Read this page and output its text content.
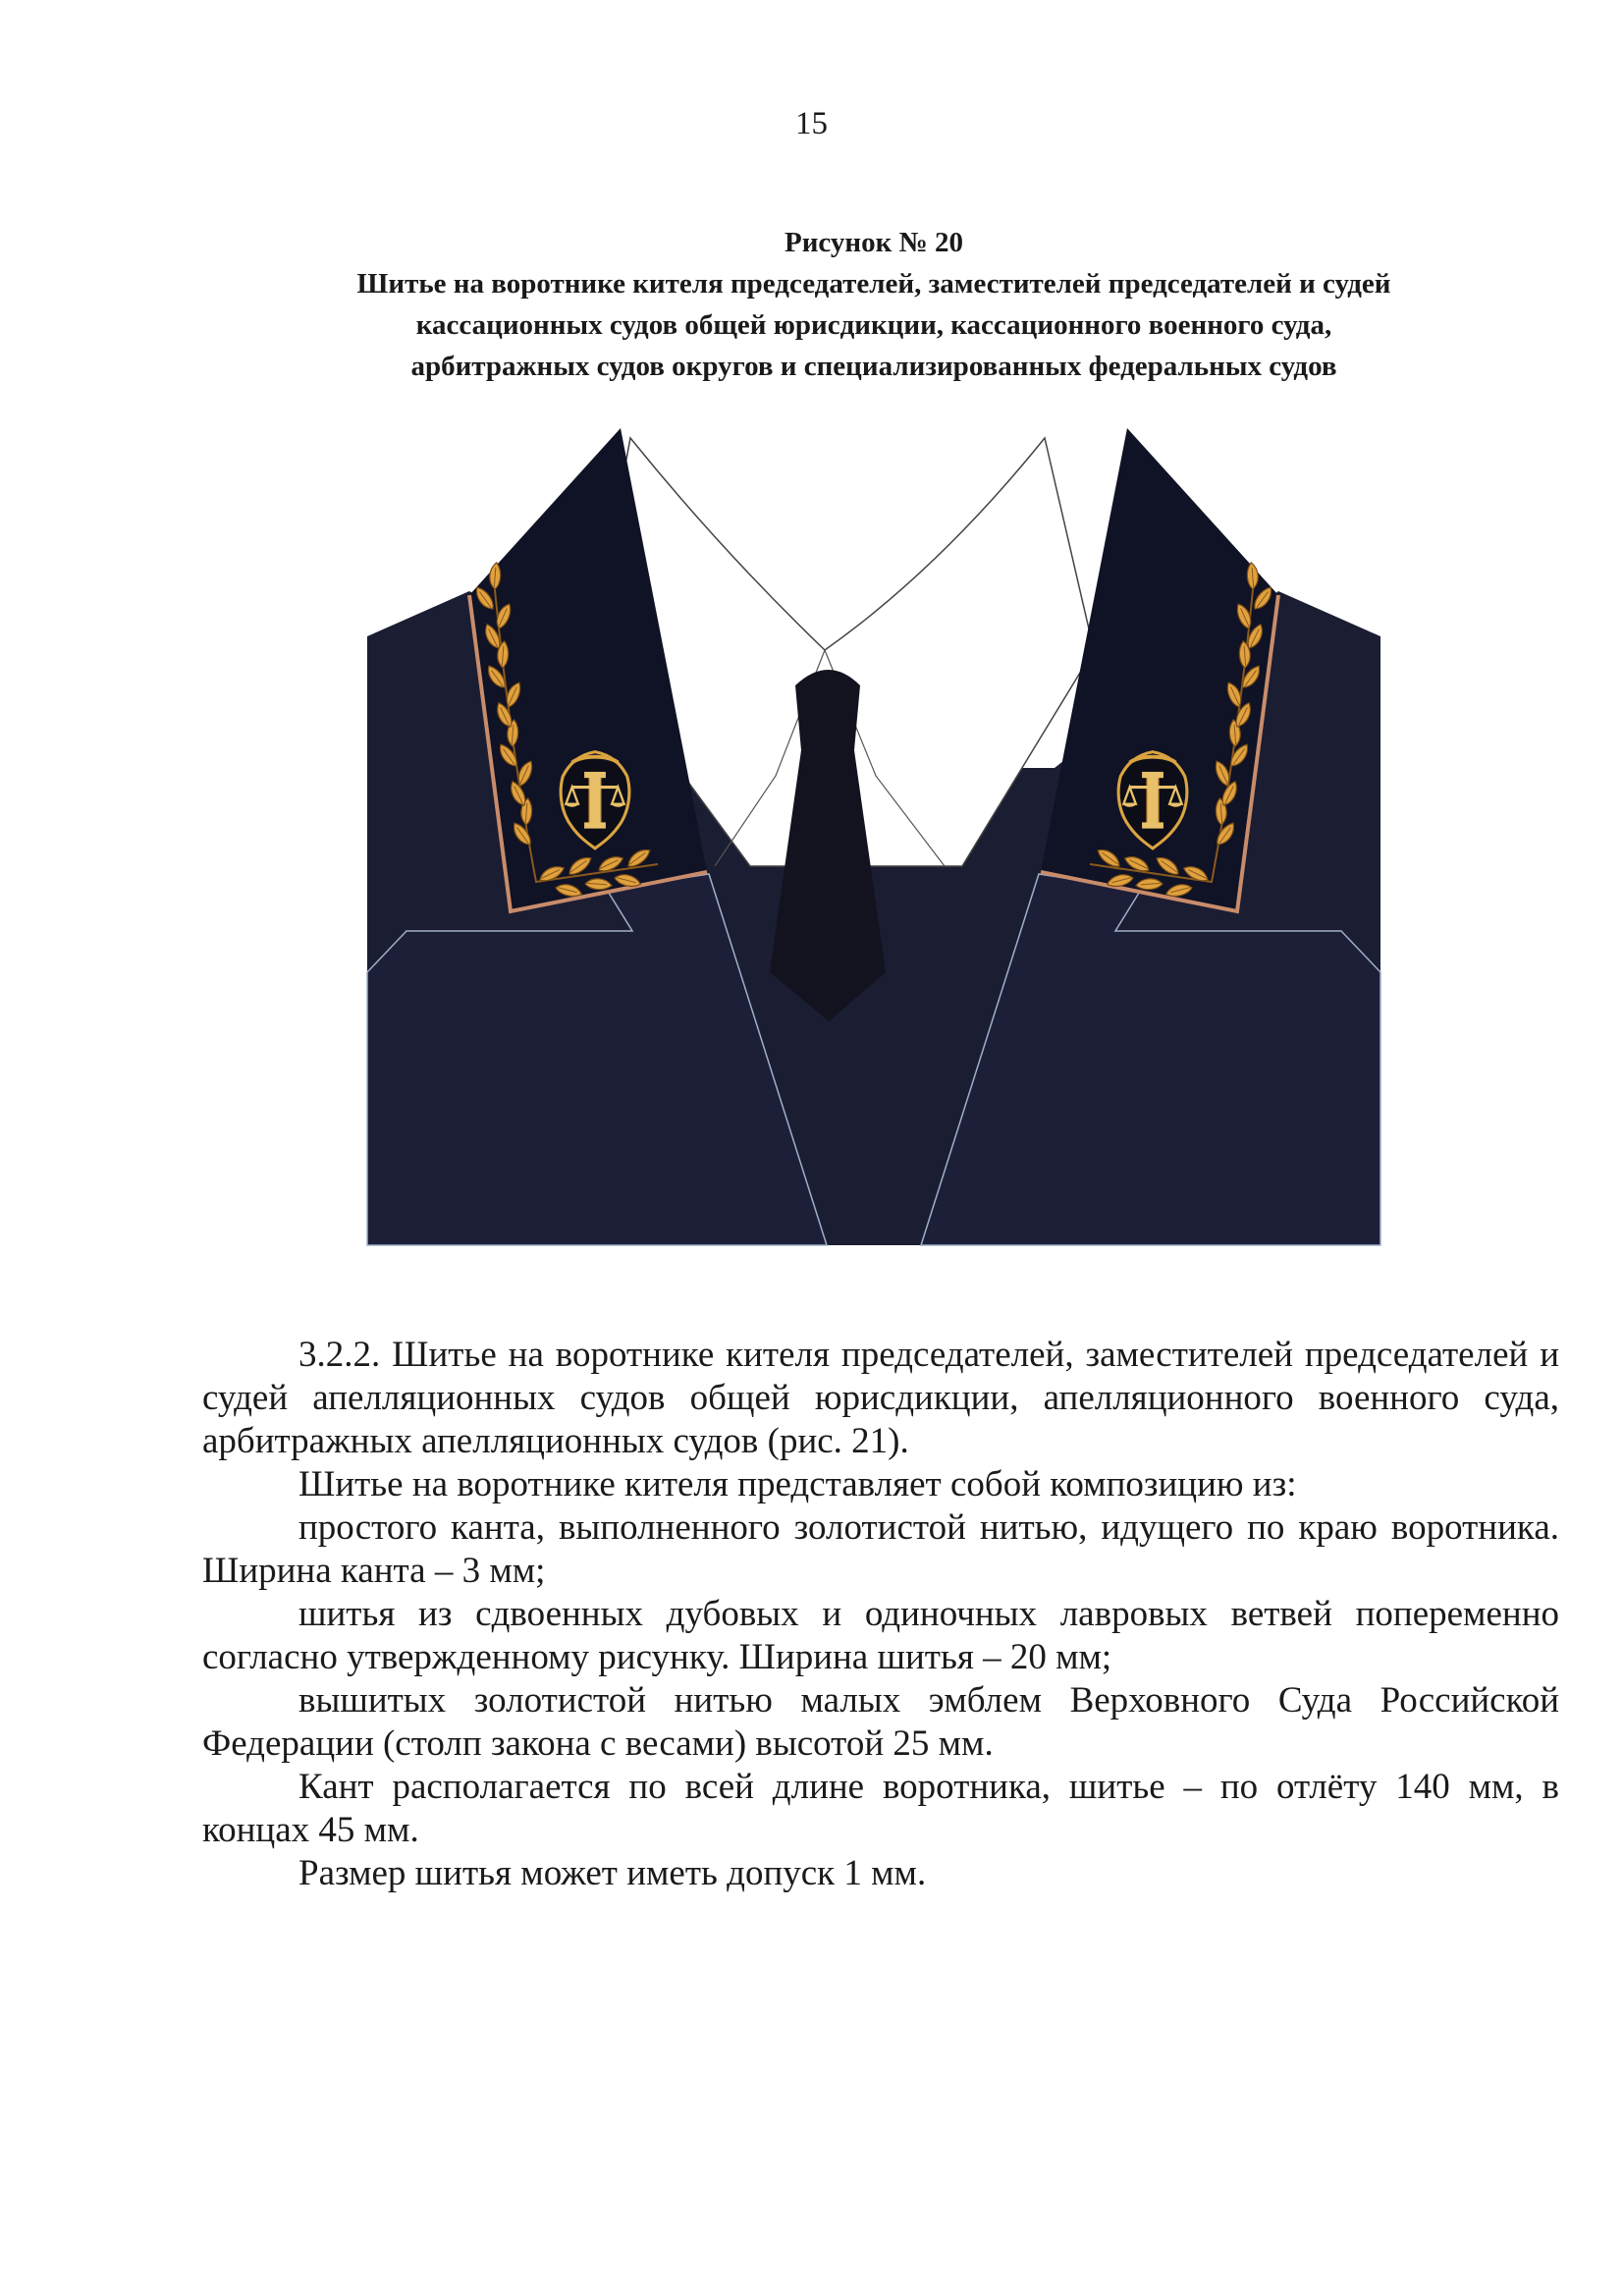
15
Рисунок № 20
Шитье на воротнике кителя председателей, заместителей председателей и судей
кассационных судов общей юрисдикции, кассационного военного суда,
арбитражных судов округов и специализированных федеральных судов

3.2.2. Шитье на воротнике кителя председателей, заместителей председателей и судей апелляционных судов общей юрисдикции, апелляционного военного суда, арбитражных апелляционных судов (рис. 21).

Шитье на воротнике кителя представляет собой композицию из:

простого канта, выполненного золотистой нитью, идущего по краю воротника. Ширина канта – 3 мм;

шитья из сдвоенных дубовых и одиночных лавровых ветвей попеременно согласно утвержденному рисунку. Ширина шитья – 20 мм;

вышитых золотистой нитью малых эмблем Верховного Суда Российской Федерации (столп закона с весами) высотой 25 мм.

Кант располагается по всей длине воротника, шитье – по отлёту 140 мм, в концах 45 мм.

Размер шитья может иметь допуск 1 мм.
